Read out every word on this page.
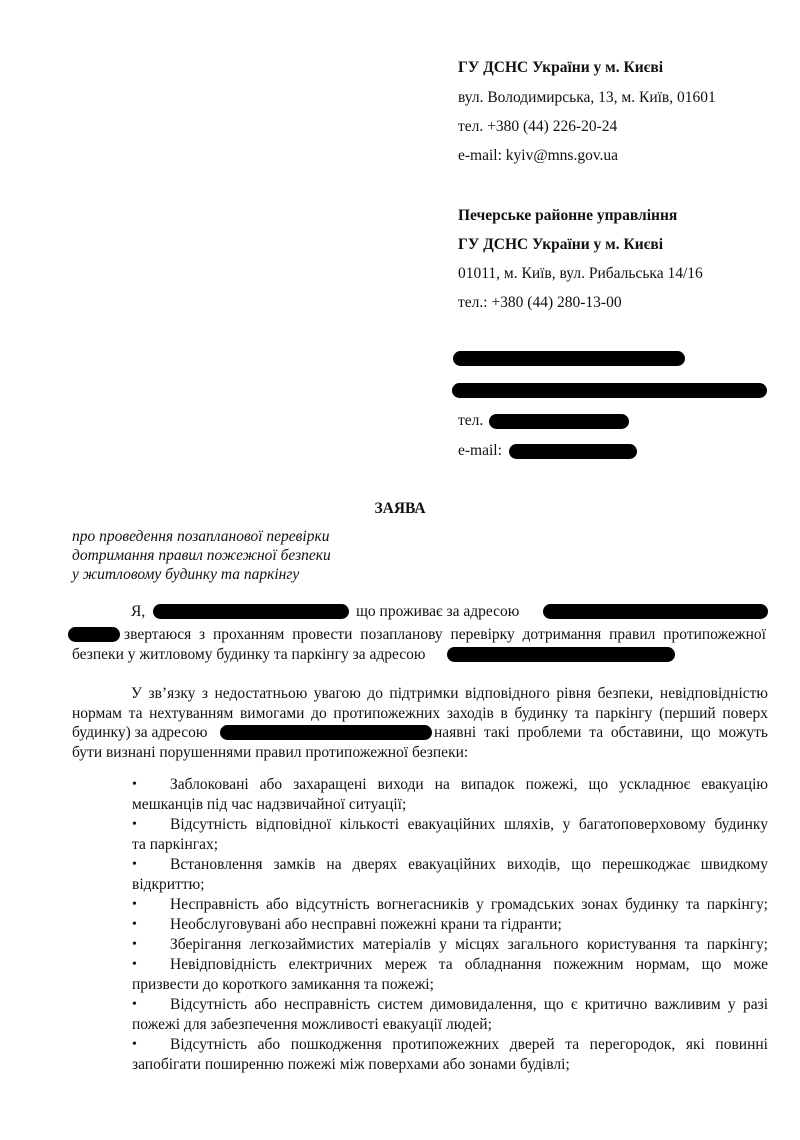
ГУ ДСНС України у м. Києві
вул. Володимирська, 13, м. Київ, 01601
тел. +380 (44) 226-20-24
e-mail: kyiv@mns.gov.ua
Печерське районне управління
ГУ ДСНС України у м. Києві
01011, м. Київ, вул. Рибальська 14/16
тел.: +380 (44) 280-13-00
тел.
e-mail:
ЗАЯВА
про проведення позапланової перевірки
дотримання правил пожежної безпеки
у житловому будинку та паркінгу
Я,	що проживає за адресою
звертаюся з проханням провести позапланову перевірку дотримання правил протипожежної
безпеки у житловому будинку та паркінгу за адресою
У зв’язку з недостатньою увагою до підтримки відповідного рівня безпеки, невідповідністю
нормам та нехтуванням вимогами до протипожежних заходів в будинку та паркінгу (перший поверх
будинку) за адресою	наявні такі проблеми та обставини, що можуть
бути визнані порушеннями правил протипожежної безпеки:
• Заблоковані або захаращені виходи на випадок пожежі, що ускладнює евакуацію
мешканців під час надзвичайної ситуації;
• Відсутність відповідної кількості евакуаційних шляхів, у багатоповерховому будинку
та паркінгах;
• Встановлення замків на дверях евакуаційних виходів, що перешкоджає швидкому
відкриттю;
• Несправність або відсутність вогнегасників у громадських зонах будинку та паркінгу;
• Необслуговувані або несправні пожежні крани та гідранти;
• Зберігання легкозаймистих матеріалів у місцях загального користування та паркінгу;
• Невідповідність електричних мереж та обладнання пожежним нормам, що може
призвести до короткого замикання та пожежі;
• Відсутність або несправність систем димовидалення, що є критично важливим у разі
пожежі для забезпечення можливості евакуації людей;
• Відсутність або пошкодження протипожежних дверей та перегородок, які повинні
запобігати поширенню пожежі між поверхами або зонами будівлі;
